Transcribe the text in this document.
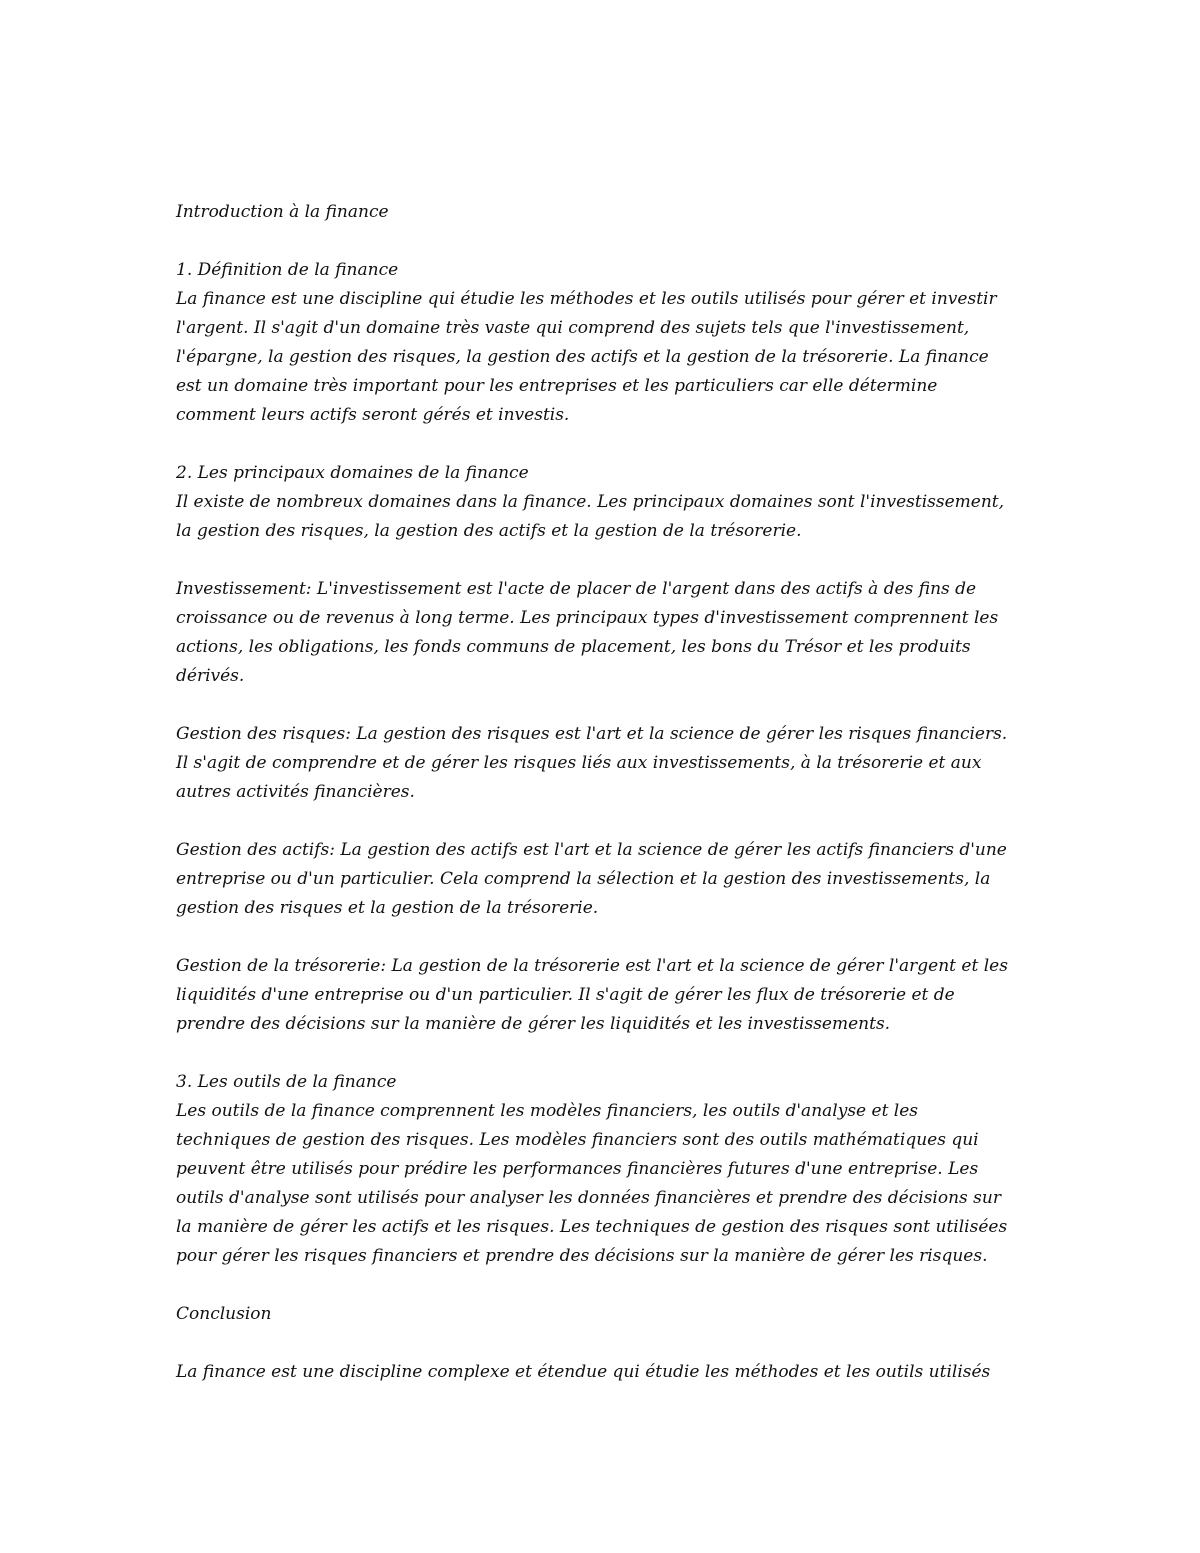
Introduction à la finance

1. Définition de la finance
La finance est une discipline qui étudie les méthodes et les outils utilisés pour gérer et investir
l'argent. Il s'agit d'un domaine très vaste qui comprend des sujets tels que l'investissement,
l'épargne, la gestion des risques, la gestion des actifs et la gestion de la trésorerie. La finance
est un domaine très important pour les entreprises et les particuliers car elle détermine
comment leurs actifs seront gérés et investis.

2. Les principaux domaines de la finance
Il existe de nombreux domaines dans la finance. Les principaux domaines sont l'investissement,
la gestion des risques, la gestion des actifs et la gestion de la trésorerie.

Investissement: L'investissement est l'acte de placer de l'argent dans des actifs à des fins de
croissance ou de revenus à long terme. Les principaux types d'investissement comprennent les
actions, les obligations, les fonds communs de placement, les bons du Trésor et les produits
dérivés.

Gestion des risques: La gestion des risques est l'art et la science de gérer les risques financiers.
Il s'agit de comprendre et de gérer les risques liés aux investissements, à la trésorerie et aux
autres activités financières.

Gestion des actifs: La gestion des actifs est l'art et la science de gérer les actifs financiers d'une
entreprise ou d'un particulier. Cela comprend la sélection et la gestion des investissements, la
gestion des risques et la gestion de la trésorerie.

Gestion de la trésorerie: La gestion de la trésorerie est l'art et la science de gérer l'argent et les
liquidités d'une entreprise ou d'un particulier. Il s'agit de gérer les flux de trésorerie et de
prendre des décisions sur la manière de gérer les liquidités et les investissements.

3. Les outils de la finance
Les outils de la finance comprennent les modèles financiers, les outils d'analyse et les
techniques de gestion des risques. Les modèles financiers sont des outils mathématiques qui
peuvent être utilisés pour prédire les performances financières futures d'une entreprise. Les
outils d'analyse sont utilisés pour analyser les données financières et prendre des décisions sur
la manière de gérer les actifs et les risques. Les techniques de gestion des risques sont utilisées
pour gérer les risques financiers et prendre des décisions sur la manière de gérer les risques.

Conclusion

La finance est une discipline complexe et étendue qui étudie les méthodes et les outils utilisés
